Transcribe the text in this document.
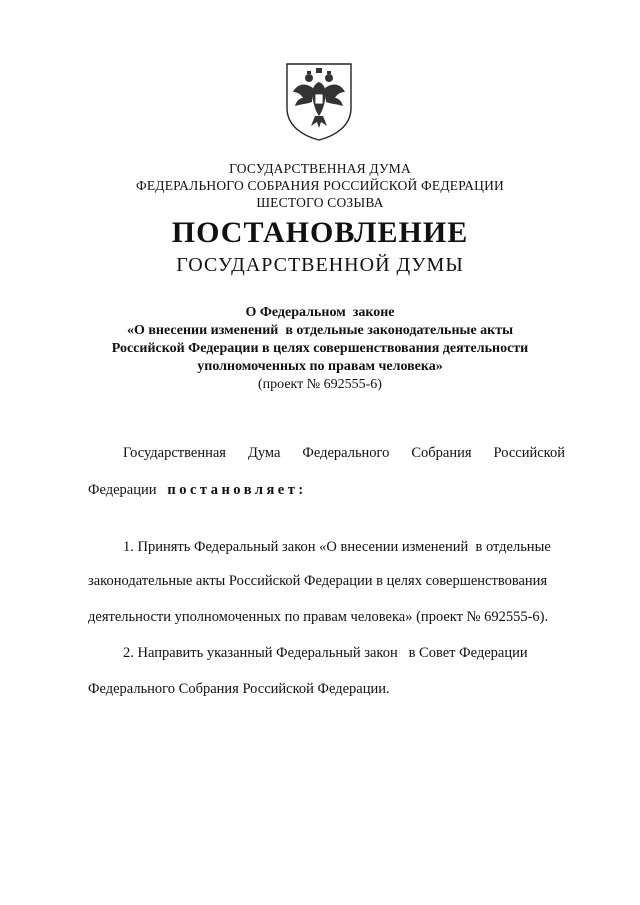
ГОСУДАРСТВЕННАЯ ДУМА
ФЕДЕРАЛЬНОГО СОБРАНИЯ РОССИЙСКОЙ ФЕДЕРАЦИИ
ШЕСТОГО СОЗЫВА
ПОСТАНОВЛЕНИЕ
ГОСУДАРСТВЕННОЙ ДУМЫ
О Федеральном  законе
«О внесении изменений  в отдельные законодательные акты
Российской Федерации в целях совершенствования деятельности
уполномоченных по правам человека»
(проект № 692555-6)
Государственная Дума Федерального Собрания Российской
Федерации постановляет:
1. Принять Федеральный закон «О внесении изменений  в отдельные
законодательные акты Российской Федерации в целях совершенствования
деятельности уполномоченных по правам человека» (проект № 692555-6).
2. Направить указанный Федеральный закон   в Совет Федерации
Федерального Собрания Российской Федерации.
